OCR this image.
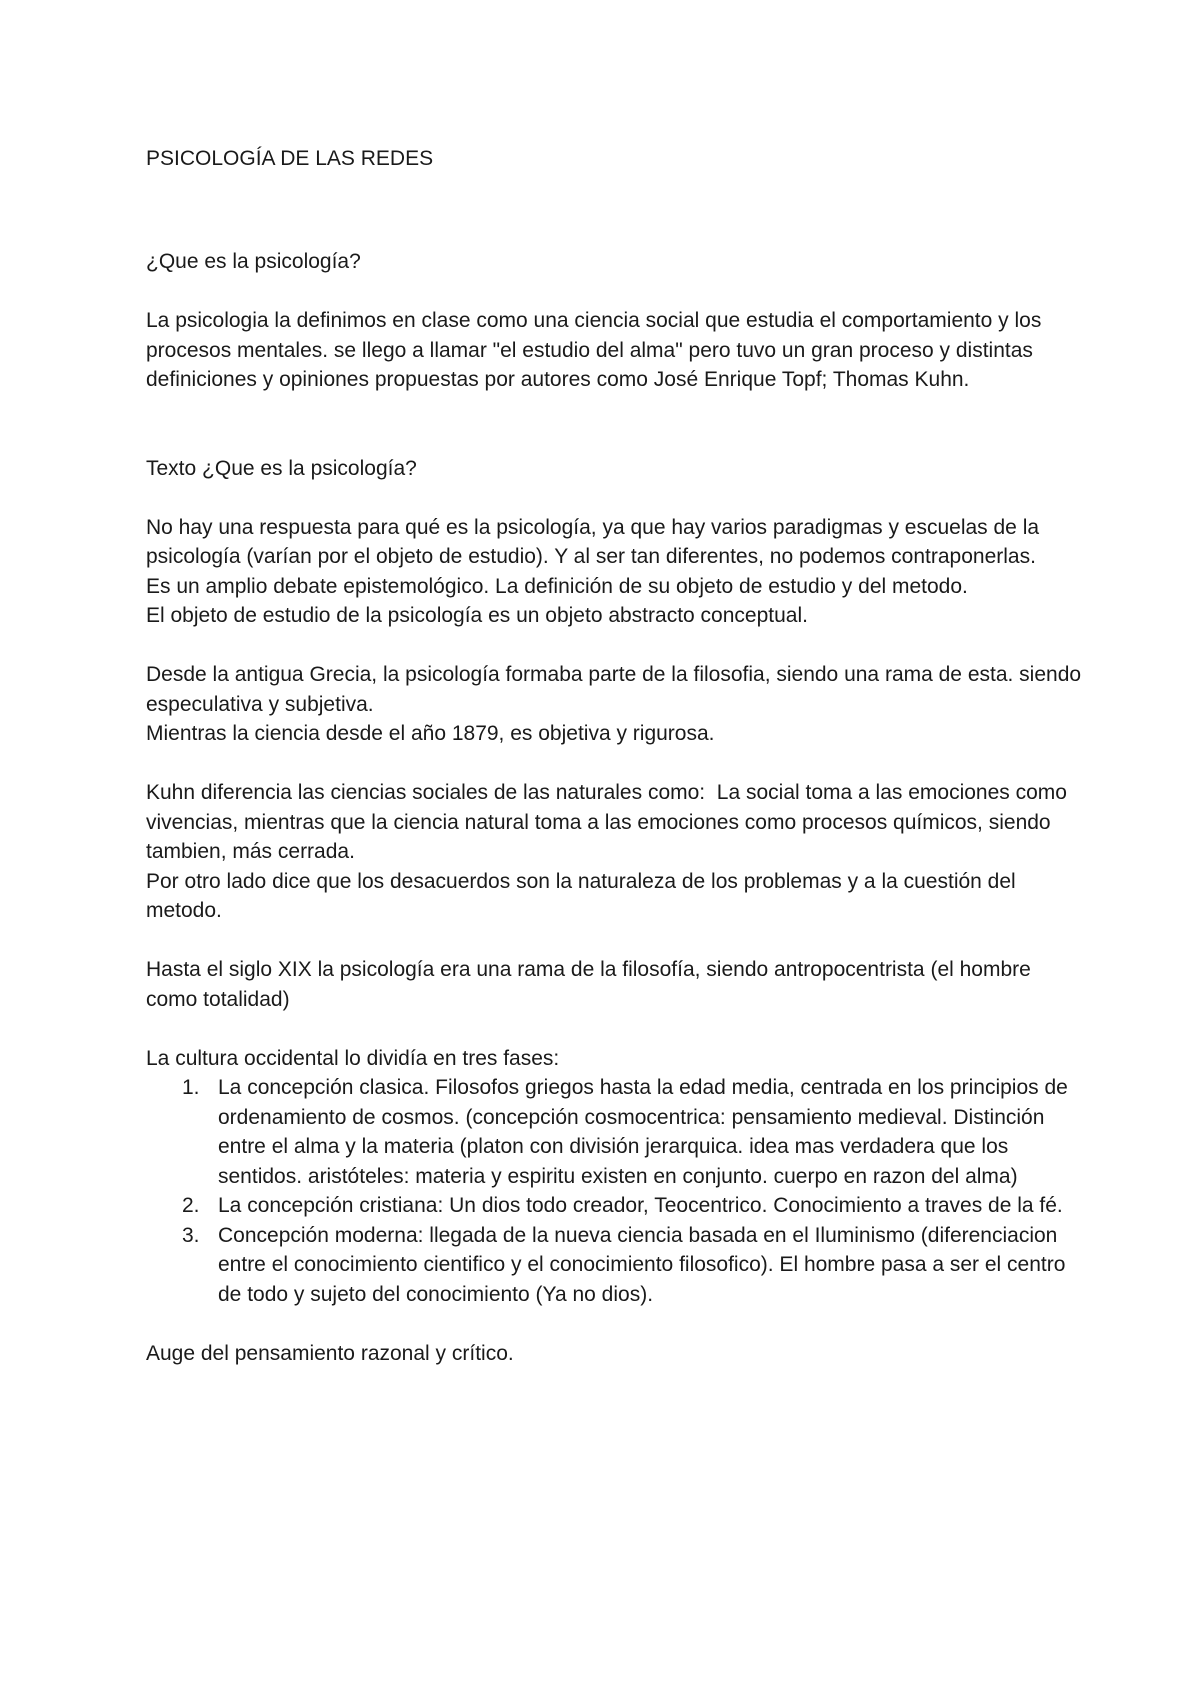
PSICOLOGÍA DE LAS REDES

¿Que es la psicología?

La psicologia la definimos en clase como una ciencia social que estudia el comportamiento y los procesos mentales. se llego a llamar "el estudio del alma" pero tuvo un gran proceso y distintas definiciones y opiniones propuestas por autores como José Enrique Topf; Thomas Kuhn.

Texto ¿Que es la psicología?

No hay una respuesta para qué es la psicología, ya que hay varios paradigmas y escuelas de la psicología (varían por el objeto de estudio). Y al ser tan diferentes, no podemos contraponerlas.

Es un amplio debate epistemológico. La definición de su objeto de estudio y del metodo.

El objeto de estudio de la psicología es un objeto abstracto conceptual.

Desde la antigua Grecia, la psicología formaba parte de la filosofia, siendo una rama de esta. siendo especulativa y subjetiva.

Mientras la ciencia desde el año 1879, es objetiva y rigurosa.

Kuhn diferencia las ciencias sociales de las naturales como:  La social toma a las emociones como vivencias, mientras que la ciencia natural toma a las emociones como procesos químicos, siendo tambien, más cerrada.

Por otro lado dice que los desacuerdos son la naturaleza de los problemas y a la cuestión del metodo.

Hasta el siglo XIX la psicología era una rama de la filosofía, siendo antropocentrista (el hombre como totalidad)

La cultura occidental lo dividía en tres fases:

1. La concepción clasica. Filosofos griegos hasta la edad media, centrada en los principios de ordenamiento de cosmos. (concepción cosmocentrica: pensamiento medieval. Distinción entre el alma y la materia (platon con división jerarquica. idea mas verdadera que los sentidos. aristóteles: materia y espiritu existen en conjunto. cuerpo en razon del alma)
2. La concepción cristiana: Un dios todo creador, Teocentrico. Conocimiento a traves de la fé.
3. Concepción moderna: llegada de la nueva ciencia basada en el Iluminismo (diferenciacion entre el conocimiento cientifico y el conocimiento filosofico). El hombre pasa a ser el centro de todo y sujeto del conocimiento (Ya no dios).

Auge del pensamiento razonal y crítico.
